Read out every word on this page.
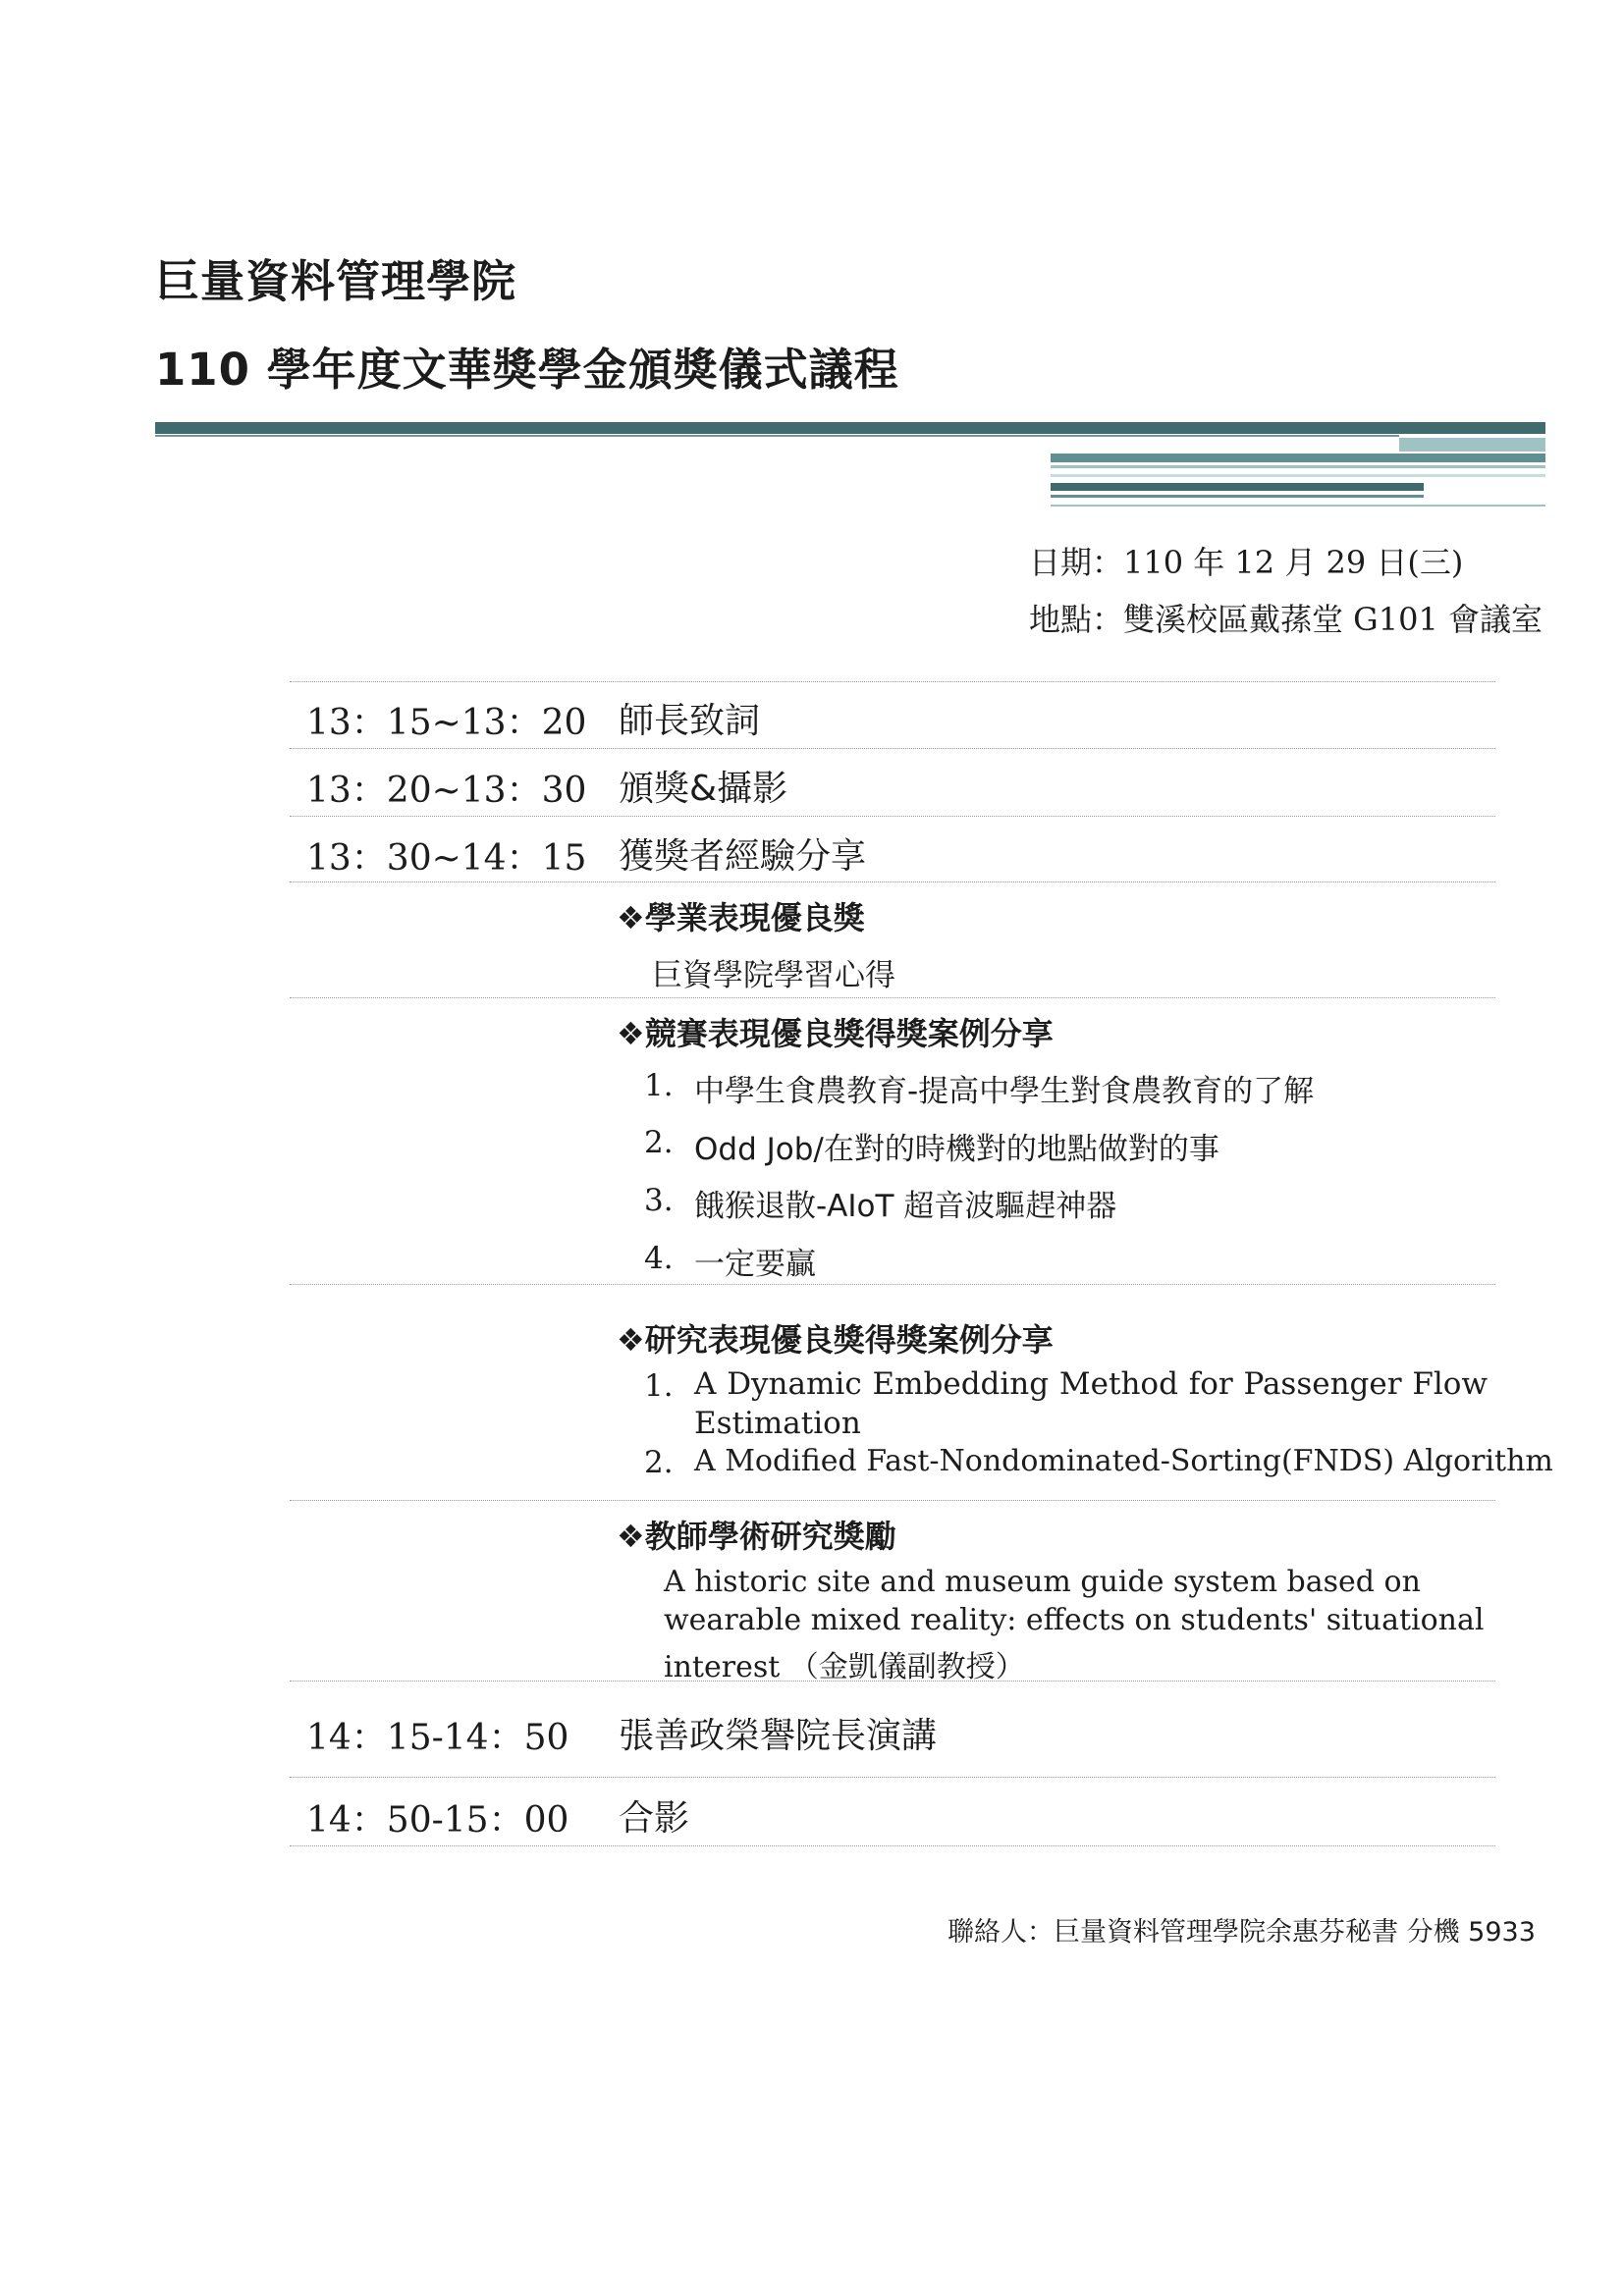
巨量資料管理學院
110 學年度文華獎學金頒獎儀式議程
日期：110 年 12 月 29 日(三)
地點：雙溪校區戴蓀堂 G101 會議室
13：15~13：20 師長致詞
13：20~13：30 頒獎&攝影
13：30~14：15 獲獎者經驗分享
❖學業表現優良獎
巨資學院學習心得
❖競賽表現優良獎得獎案例分享
1. 中學生食農教育-提高中學生對食農教育的了解
2. Odd Job/在對的時機對的地點做對的事
3. 餓猴退散-AIoT 超音波驅趕神器
4. 一定要贏
❖研究表現優良獎得獎案例分享
1. A Dynamic Embedding Method for Passenger Flow
Estimation
2. A Modified Fast-Nondominated-Sorting(FNDS) Algorithm
❖教師學術研究獎勵
A historic site and museum guide system based on
wearable mixed reality: effects on students' situational
interest （金凱儀副教授）
14：15-14：50 張善政榮譽院長演講
14：50-15：00 合影
聯絡人：巨量資料管理學院余惠芬秘書 分機 5933
